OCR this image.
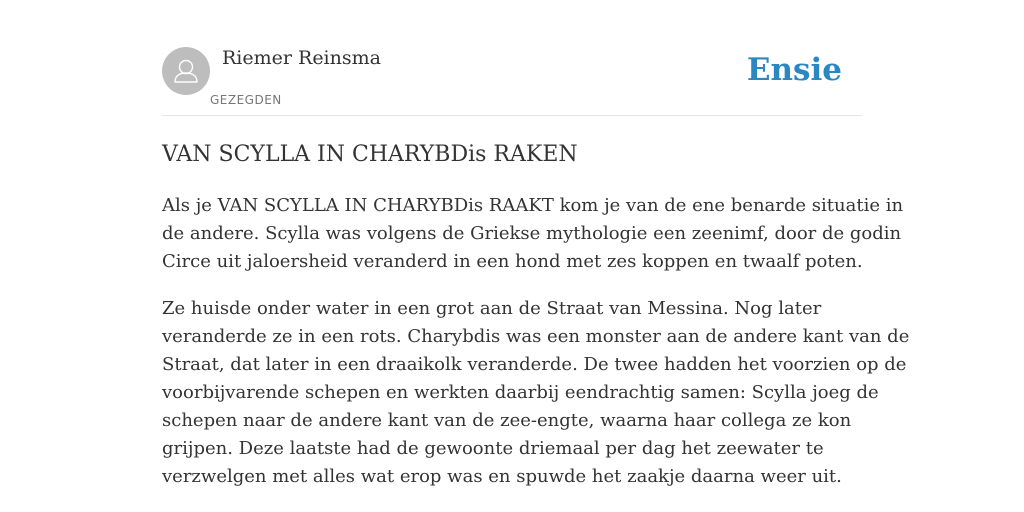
Riemer Reinsma
GEZEGDEN
Ensie
VAN SCYLLA IN CHARYBDis RAKEN

Als je VAN SCYLLA IN CHARYBDis RAAKT kom je van de ene benarde situatie in
de andere. Scylla was volgens de Griekse mythologie een zeenimf, door de godin
Circe uit jaloersheid veranderd in een hond met zes koppen en twaalf poten.

Ze huisde onder water in een grot aan de Straat van Messina. Nog later
veranderde ze in een rots. Charybdis was een monster aan de andere kant van de
Straat, dat later in een draaikolk veranderde. De twee hadden het voorzien op de
voorbijvarende schepen en werkten daarbij eendrachtig samen: Scylla joeg de
schepen naar de andere kant van de zee-engte, waarna haar collega ze kon
grijpen. Deze laatste had de gewoonte driemaal per dag het zeewater te
verzwelgen met alles wat erop was en spuwde het zaakje daarna weer uit.
